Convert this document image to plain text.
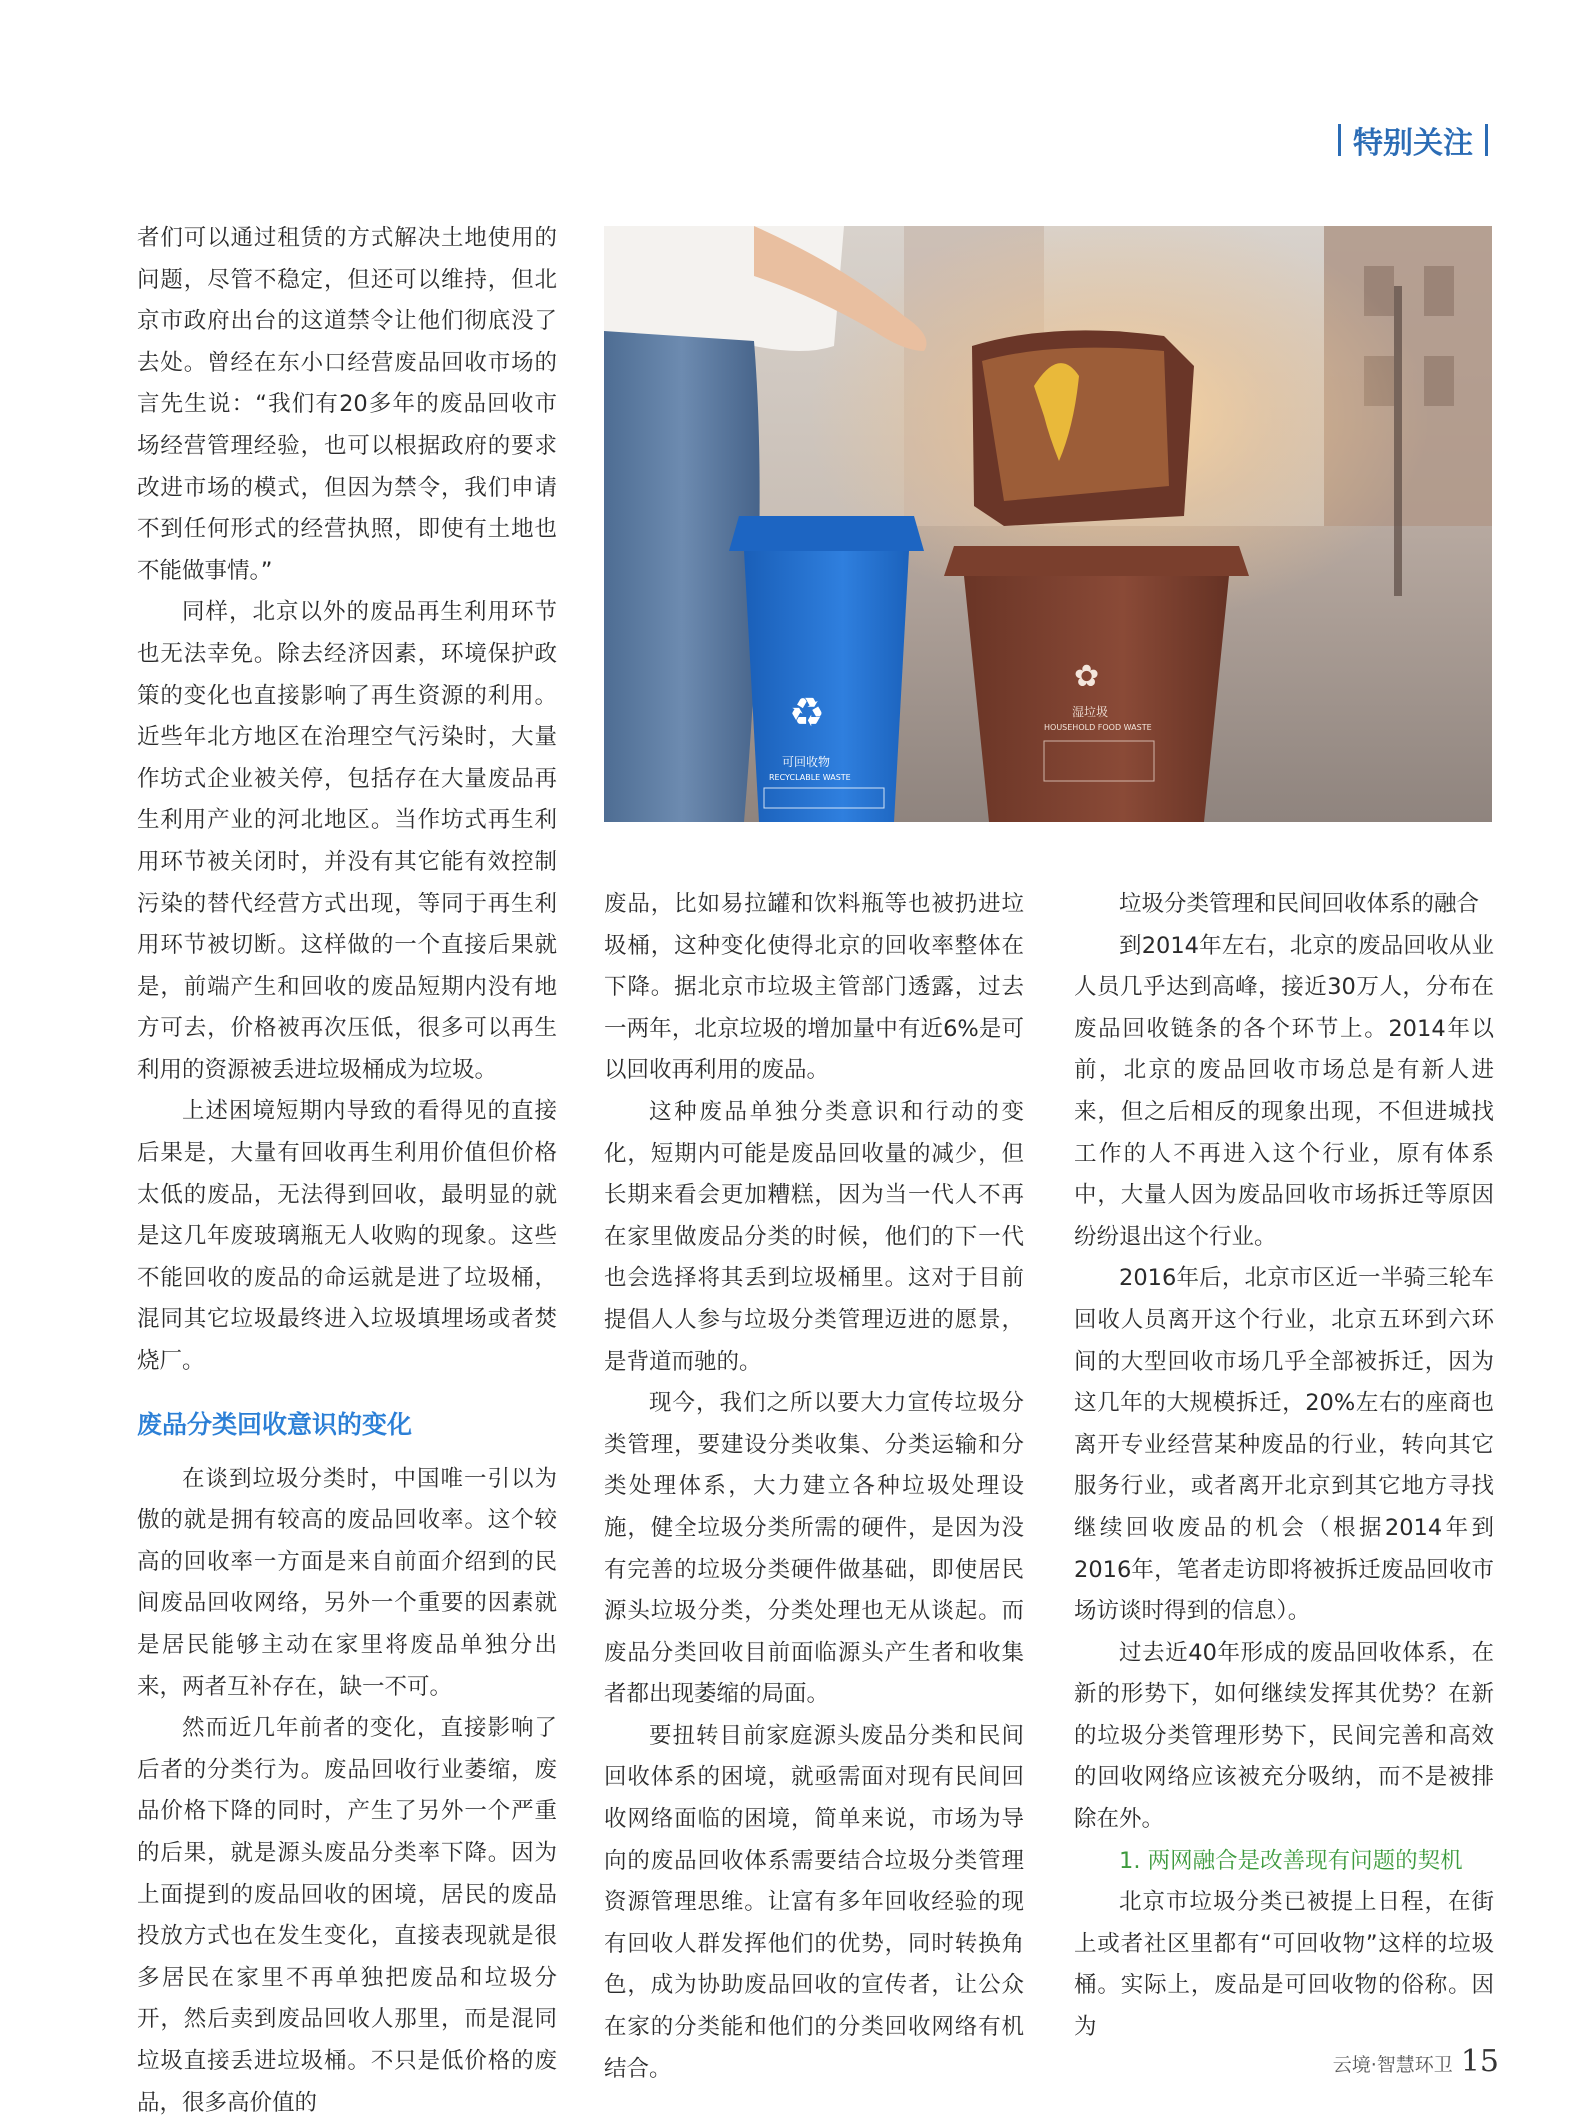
特别关注

者们可以通过租赁的方式解决土地使用的问题，尽管不稳定，但还可以维持，但北京市政府出台的这道禁令让他们彻底没了去处。曾经在东小口经营废品回收市场的言先生说：“我们有20多年的废品回收市场经营管理经验，也可以根据政府的要求改进市场的模式，但因为禁令，我们申请不到任何形式的经营执照，即使有土地也不能做事情。”

同样，北京以外的废品再生利用环节也无法幸免。除去经济因素，环境保护政策的变化也直接影响了再生资源的利用。近些年北方地区在治理空气污染时，大量作坊式企业被关停，包括存在大量废品再生利用产业的河北地区。当作坊式再生利用环节被关闭时，并没有其它能有效控制污染的替代经营方式出现，等同于再生利用环节被切断。这样做的一个直接后果就是，前端产生和回收的废品短期内没有地方可去，价格被再次压低，很多可以再生利用的资源被丢进垃圾桶成为垃圾。

上述困境短期内导致的看得见的直接后果是，大量有回收再生利用价值但价格太低的废品，无法得到回收，最明显的就是这几年废玻璃瓶无人收购的现象。这些不能回收的废品的命运就是进了垃圾桶，混同其它垃圾最终进入垃圾填埋场或者焚烧厂。

废品分类回收意识的变化

在谈到垃圾分类时，中国唯一引以为傲的就是拥有较高的废品回收率。这个较高的回收率一方面是来自前面介绍到的民间废品回收网络，另外一个重要的因素就是居民能够主动在家里将废品单独分出来，两者互补存在，缺一不可。

然而近几年前者的变化，直接影响了后者的分类行为。废品回收行业萎缩，废品价格下降的同时，产生了另外一个严重的后果，就是源头废品分类率下降。因为上面提到的废品回收的困境，居民的废品投放方式也在发生变化，直接表现就是很多居民在家里不再单独把废品和垃圾分开，然后卖到废品回收人那里，而是混同垃圾直接丢进垃圾桶。不只是低价格的废品，很多高价值的

♻
可回收物
RECYCLABLE WASTE
✿
湿垃圾
HOUSEHOLD FOOD WASTE

废品，比如易拉罐和饮料瓶等也被扔进垃圾桶，这种变化使得北京的回收率整体在下降。据北京市垃圾主管部门透露，过去一两年，北京垃圾的增加量中有近6%是可以回收再利用的废品。

这种废品单独分类意识和行动的变化，短期内可能是废品回收量的减少，但长期来看会更加糟糕，因为当一代人不再在家里做废品分类的时候，他们的下一代也会选择将其丢到垃圾桶里。这对于目前提倡人人参与垃圾分类管理迈进的愿景，是背道而驰的。

现今，我们之所以要大力宣传垃圾分类管理，要建设分类收集、分类运输和分类处理体系，大力建立各种垃圾处理设施，健全垃圾分类所需的硬件，是因为没有完善的垃圾分类硬件做基础，即使居民源头垃圾分类，分类处理也无从谈起。而废品分类回收目前面临源头产生者和收集者都出现萎缩的局面。

要扭转目前家庭源头废品分类和民间回收体系的困境，就亟需面对现有民间回收网络面临的困境，简单来说，市场为导向的废品回收体系需要结合垃圾分类管理资源管理思维。让富有多年回收经验的现有回收人群发挥他们的优势，同时转换角色，成为协助废品回收的宣传者，让公众在家的分类能和他们的分类回收网络有机结合。

垃圾分类管理和民间回收体系的融合

到2014年左右，北京的废品回收从业人员几乎达到高峰，接近30万人，分布在废品回收链条的各个环节上。2014年以前，北京的废品回收市场总是有新人进来，但之后相反的现象出现，不但进城找工作的人不再进入这个行业，原有体系中，大量人因为废品回收市场拆迁等原因纷纷退出这个行业。

2016年后，北京市区近一半骑三轮车回收人员离开这个行业，北京五环到六环间的大型回收市场几乎全部被拆迁，因为这几年的大规模拆迁，20%左右的座商也离开专业经营某种废品的行业，转向其它服务行业，或者离开北京到其它地方寻找继续回收废品的机会（根据2014年到2016年，笔者走访即将被拆迁废品回收市场访谈时得到的信息）。

过去近40年形成的废品回收体系，在新的形势下，如何继续发挥其优势？在新的垃圾分类管理形势下，民间完善和高效的回收网络应该被充分吸纳，而不是被排除在外。

1. 两网融合是改善现有问题的契机

北京市垃圾分类已被提上日程，在街上或者社区里都有“可回收物”这样的垃圾桶。实际上，废品是可回收物的俗称。因为

云境·智慧环卫 15
